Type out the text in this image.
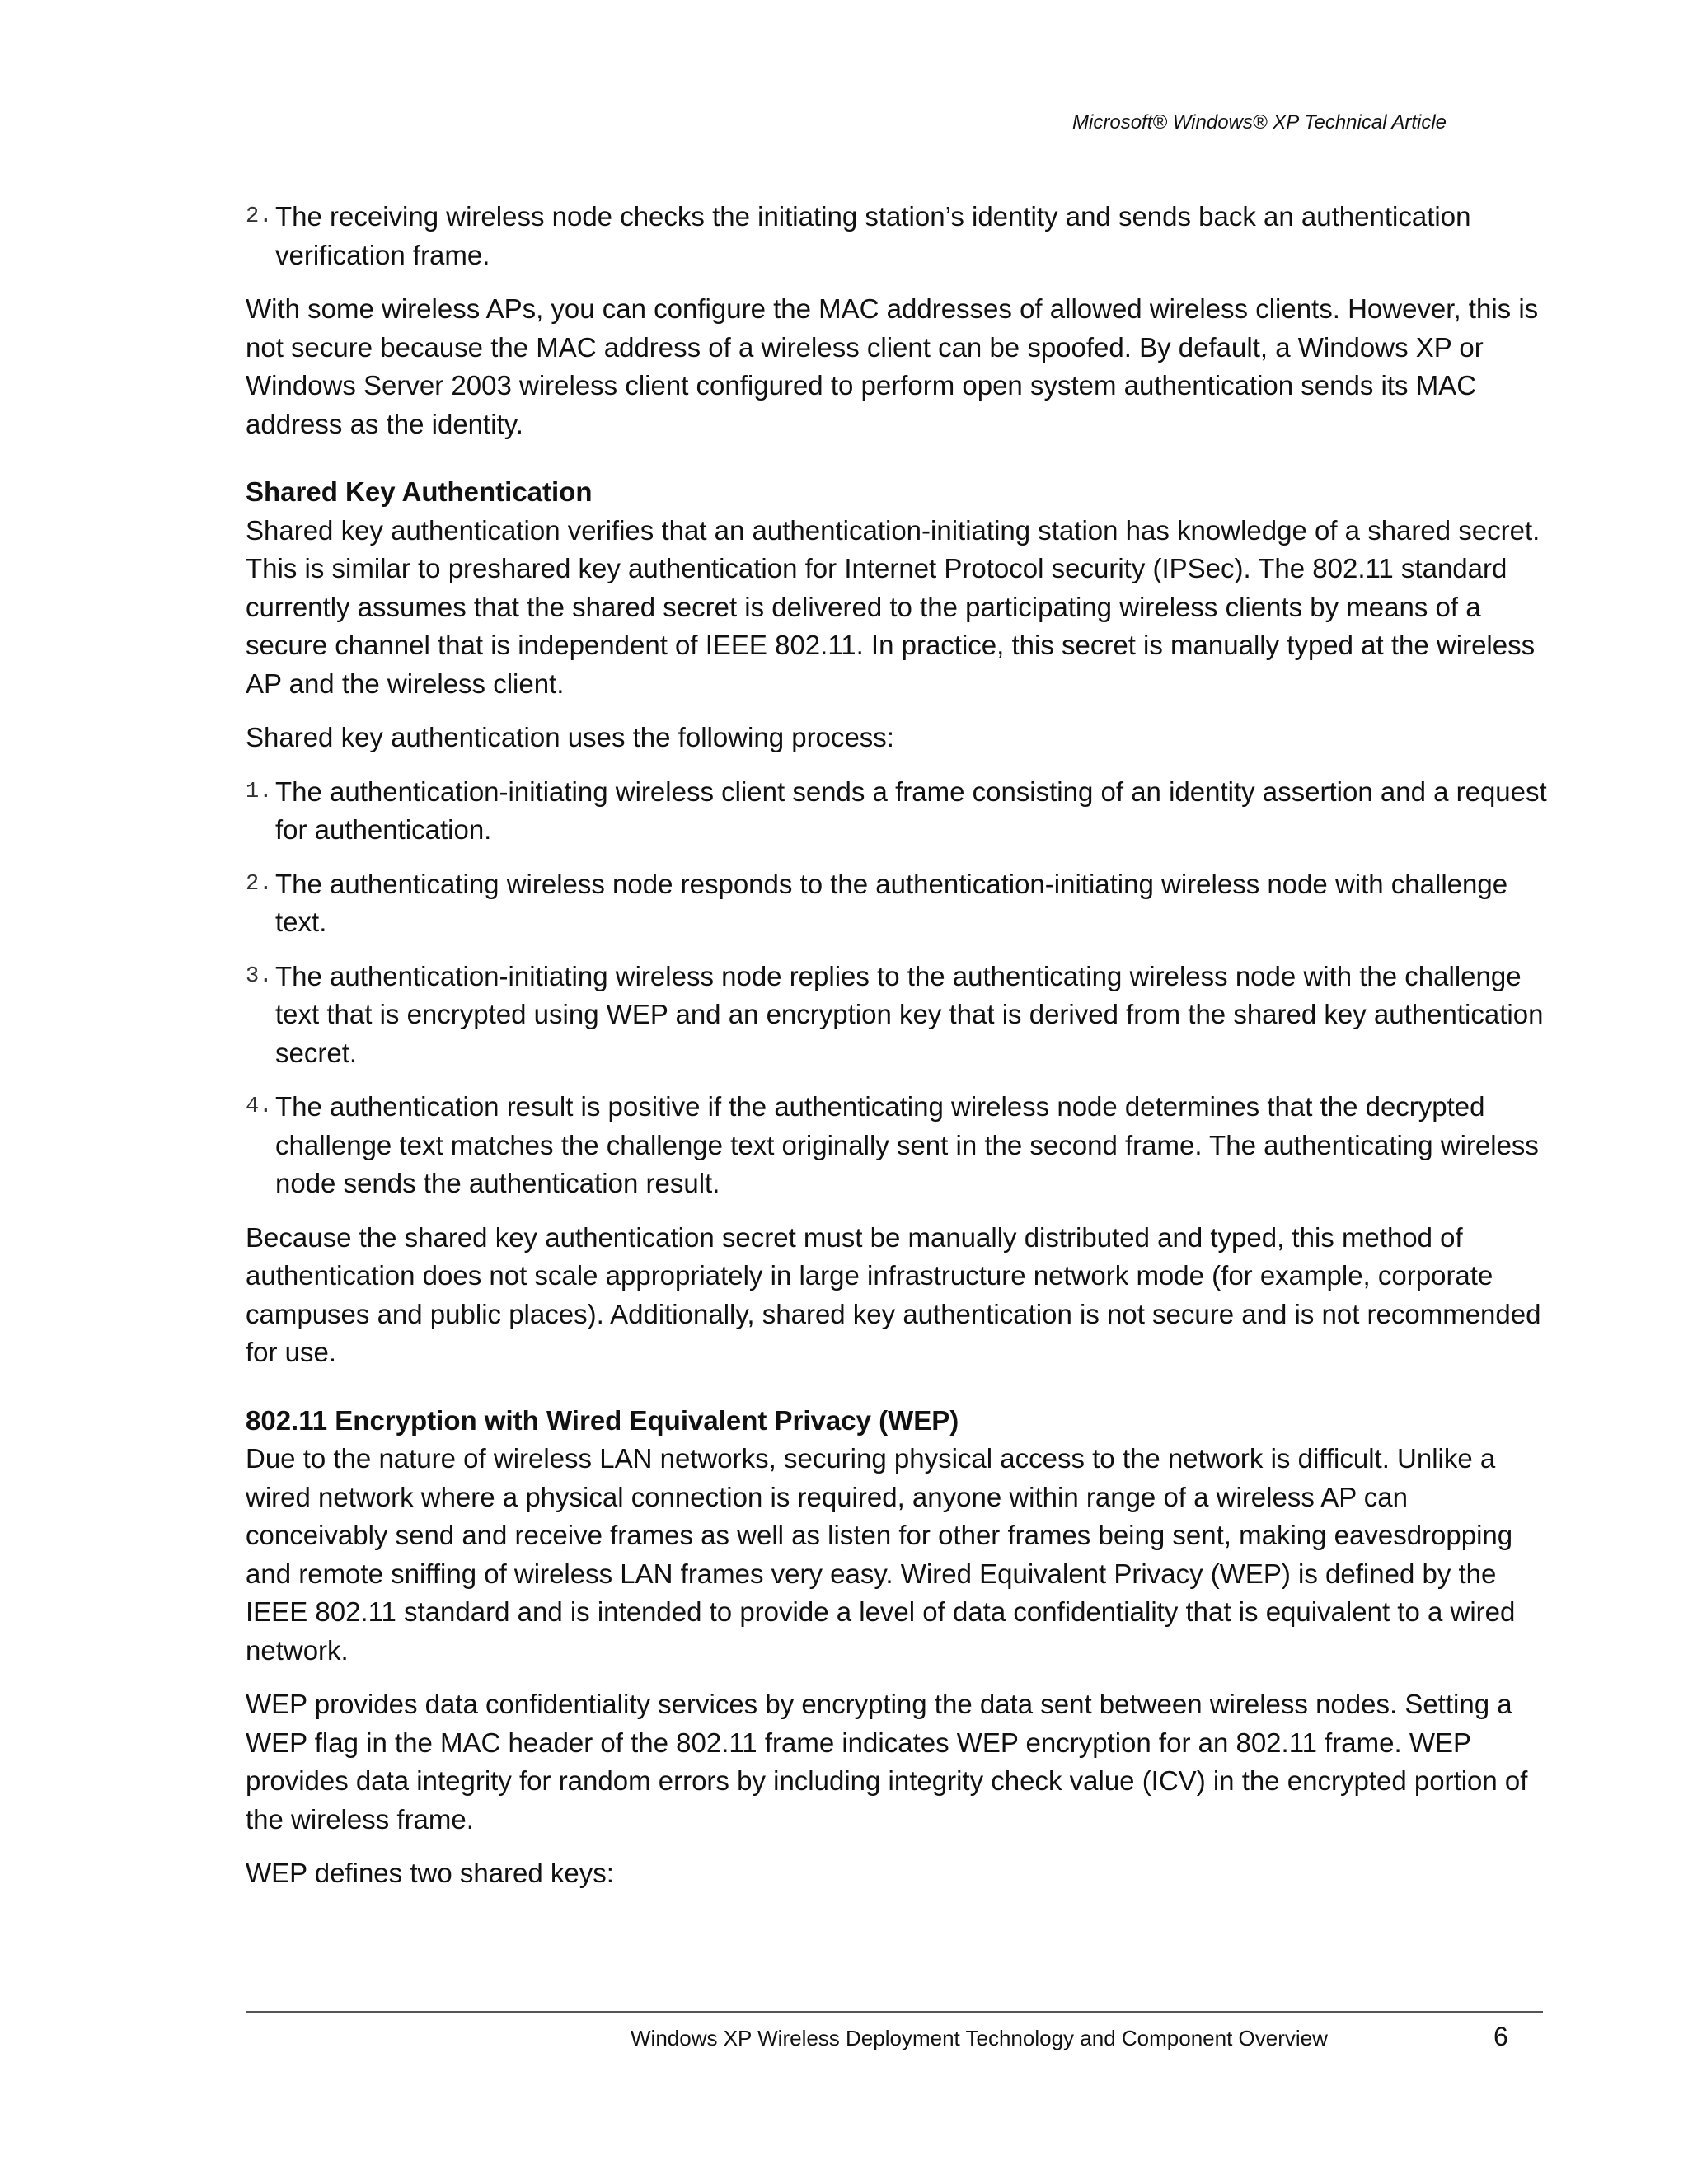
Microsoft® Windows® XP Technical Article
2. The receiving wireless node checks the initiating station’s identity and sends back an authentication verification frame.

With some wireless APs, you can configure the MAC addresses of allowed wireless clients. However, this is not secure because the MAC address of a wireless client can be spoofed. By default, a Windows XP or Windows Server 2003 wireless client configured to perform open system authentication sends its MAC address as the identity.

Shared Key Authentication

Shared key authentication verifies that an authentication-initiating station has knowledge of a shared secret. This is similar to preshared key authentication for Internet Protocol security (IPSec). The 802.11 standard currently assumes that the shared secret is delivered to the participating wireless clients by means of a secure channel that is independent of IEEE 802.11. In practice, this secret is manually typed at the wireless AP and the wireless client.

Shared key authentication uses the following process:

1. The authentication-initiating wireless client sends a frame consisting of an identity assertion and a request for authentication.
2. The authenticating wireless node responds to the authentication-initiating wireless node with challenge text.
3. The authentication-initiating wireless node replies to the authenticating wireless node with the challenge text that is encrypted using WEP and an encryption key that is derived from the shared key authentication secret.
4. The authentication result is positive if the authenticating wireless node determines that the decrypted challenge text matches the challenge text originally sent in the second frame. The authenticating wireless node sends the authentication result.

Because the shared key authentication secret must be manually distributed and typed, this method of authentication does not scale appropriately in large infrastructure network mode (for example, corporate campuses and public places). Additionally, shared key authentication is not secure and is not recommended for use.

802.11 Encryption with Wired Equivalent Privacy (WEP)

Due to the nature of wireless LAN networks, securing physical access to the network is difficult. Unlike a wired network where a physical connection is required, anyone within range of a wireless AP can conceivably send and receive frames as well as listen for other frames being sent, making eavesdropping and remote sniffing of wireless LAN frames very easy. Wired Equivalent Privacy (WEP) is defined by the IEEE 802.11 standard and is intended to provide a level of data confidentiality that is equivalent to a wired network.

WEP provides data confidentiality services by encrypting the data sent between wireless nodes. Setting a WEP flag in the MAC header of the 802.11 frame indicates WEP encryption for an 802.11 frame. WEP provides data integrity for random errors by including integrity check value (ICV) in the encrypted portion of the wireless frame.

WEP defines two shared keys:

Windows XP Wireless Deployment Technology and Component Overview	6
